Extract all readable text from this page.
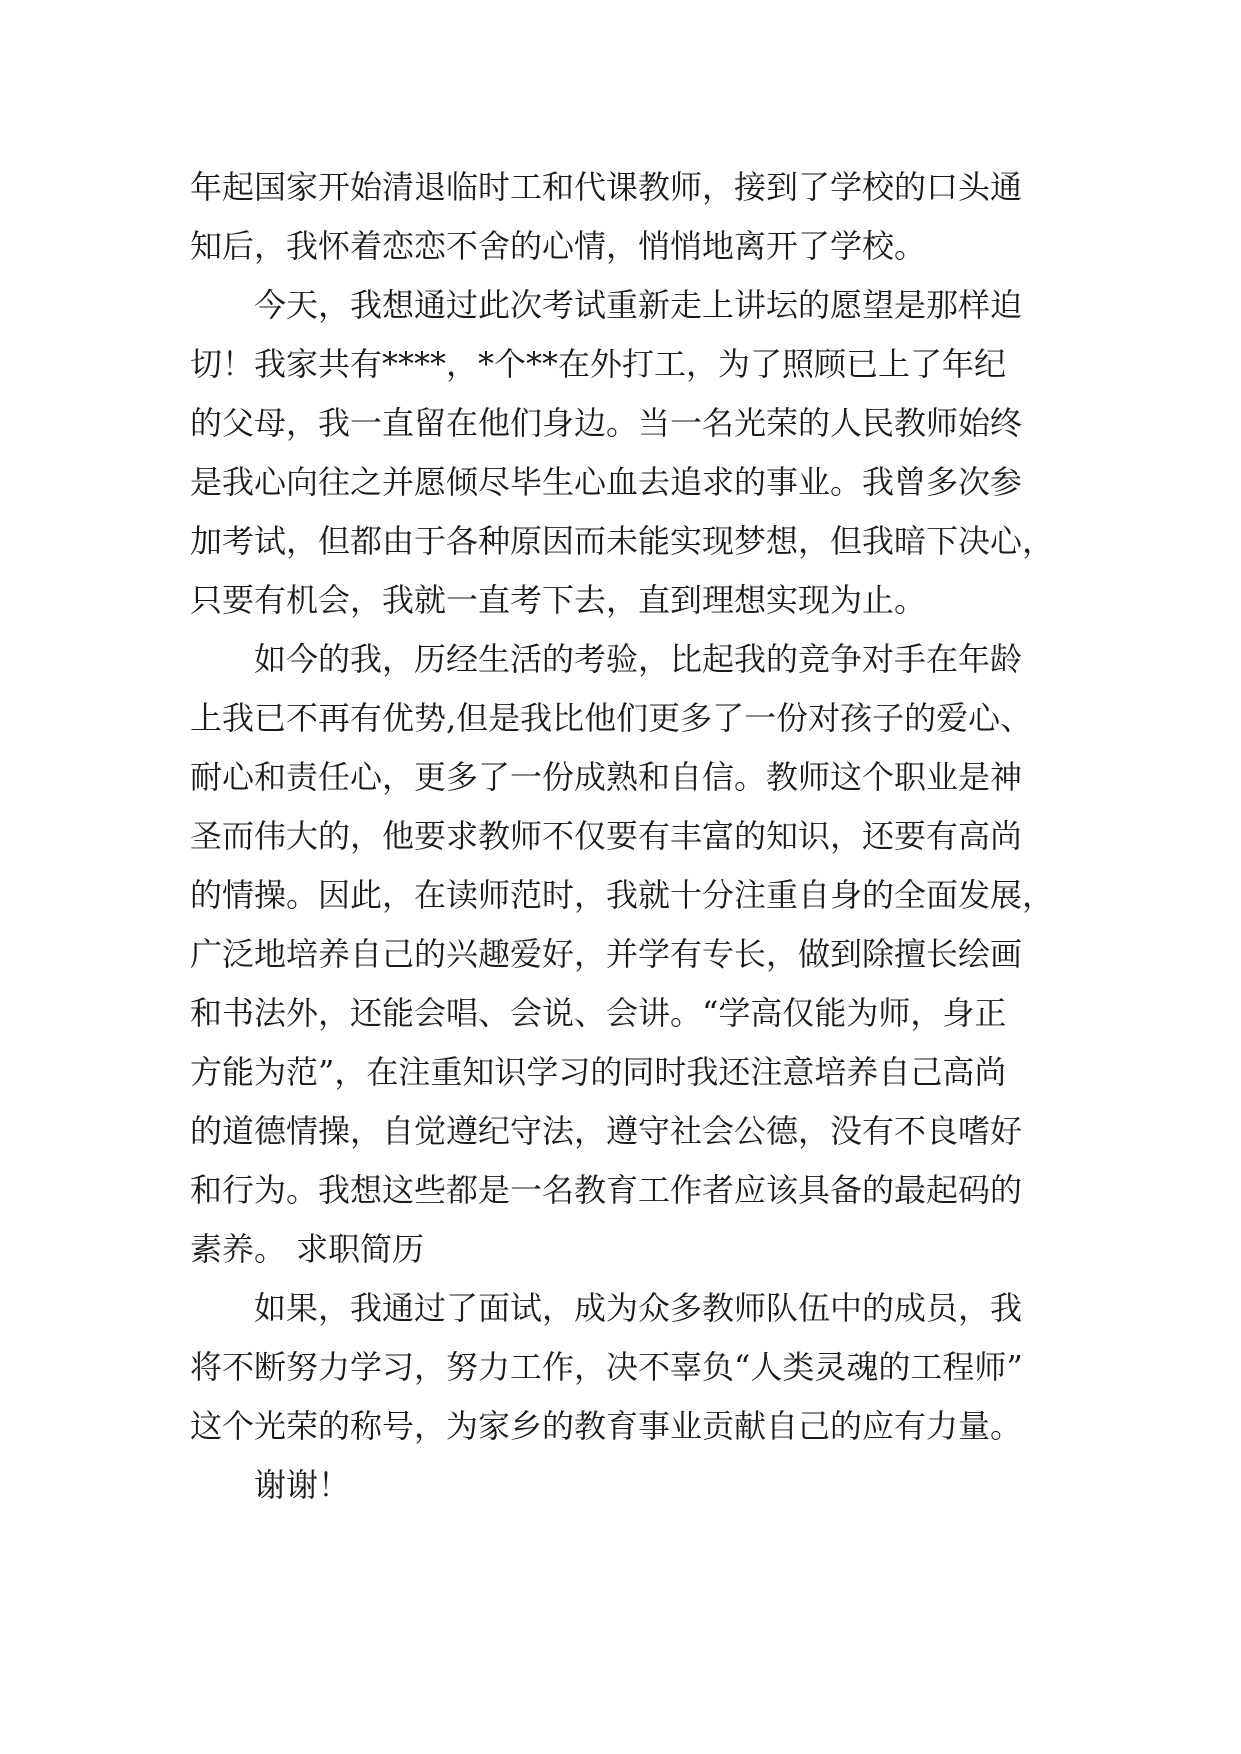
年起国家开始清退临时工和代课教师，接到了学校的口头通
知后，我怀着恋恋不舍的心情，悄悄地离开了学校。
今天，我想通过此次考试重新走上讲坛的愿望是那样迫
切！我家共有****，*个**在外打工，为了照顾已上了年纪
的父母，我一直留在他们身边。当一名光荣的人民教师始终
是我心向往之并愿倾尽毕生心血去追求的事业。我曾多次参
加考试，但都由于各种原因而未能实现梦想，但我暗下决心，
只要有机会，我就一直考下去，直到理想实现为止。
如今的我，历经生活的考验，比起我的竞争对手在年龄
上我已不再有优势,但是我比他们更多了一份对孩子的爱心、
耐心和责任心，更多了一份成熟和自信。教师这个职业是神
圣而伟大的，他要求教师不仅要有丰富的知识，还要有高尚
的情操。因此，在读师范时，我就十分注重自身的全面发展，
广泛地培养自己的兴趣爱好，并学有专长，做到除擅长绘画
和书法外，还能会唱、会说、会讲。“学高仅能为师，身正
方能为范”，在注重知识学习的同时我还注意培养自己高尚
的道德情操，自觉遵纪守法，遵守社会公德，没有不良嗜好
和行为。我想这些都是一名教育工作者应该具备的最起码的
素养。 求职简历
如果，我通过了面试，成为众多教师队伍中的成员，我
将不断努力学习，努力工作，决不辜负“人类灵魂的工程师”
这个光荣的称号，为家乡的教育事业贡献自己的应有力量。
谢谢！
